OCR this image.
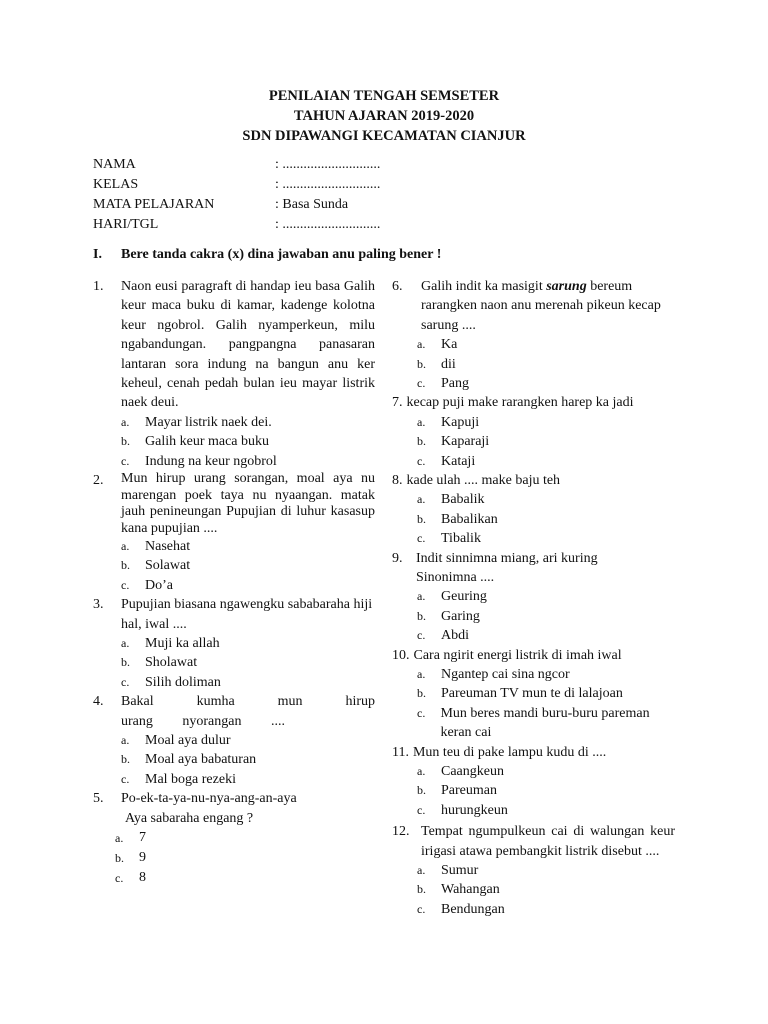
PENILAIAN TENGAH SEMSETER
TAHUN AJARAN 2019-2020
SDN DIPAWANGI KECAMATAN CIANJUR
NAMA	: ............................
KELAS	: ............................
MATA PELAJARAN	: Basa Sunda
HARI/TGL	: ............................
I.	Bere tanda cakra (x) dina jawaban anu paling bener !
1.	Naon eusi paragraft di handap ieu basa Galih keur maca buku di kamar, kadenge kolotna keur ngobrol. Galih nyamperkeun, milu ngabandungan. pangpangna panasaran lantaran sora indung na bangun anu ker keheul, cenah pedah bulan ieu mayar listrik naek deui.
a.	Mayar listrik naek dei.
b.	Galih keur maca buku
c.	Indung na keur ngobrol
2.	Mun hirup urang sorangan, moal aya nu marengan poek taya nu nyaangan. matak jauh penineungan Pupujian di luhur kasasup kana pupujian ....
a.	Nasehat
b.	Solawat
c.	Do’a
3.	Pupujian biasana ngawengku sababaraha hiji hal, iwal ....
a.	Muji ka allah
b.	Sholawat
c.	Silih doliman
4.	Bakal kumha mun hirup urang nyorangan ....
a.	Moal aya dulur
b.	Moal aya babaturan
c.	Mal boga rezeki
5.	Po-ek-ta-ya-nu-nya-ang-an-aya
Aya sabaraha engang ?
a.	7
b.	9
c.	8
6.	Galih indit ka masigit sarung bereum rarangken naon anu merenah pikeun kecap sarung ....
a.	Ka
b.	dii
c.	Pang
7. kecap puji make rarangken harep ka jadi
a.	Kapuji
b.	Kaparaji
c.	Kataji
8. kade ulah .... make baju teh
a.	Babalik
b.	Babalikan
c.	Tibalik
9. Indit sinnimna miang, ari kuring Sinonimna ....
a.	Geuring
b.	Garing
c.	Abdi
10. Cara ngirit energi listrik di imah iwal
a.	Ngantep cai sina ngcor
b.	Pareuman TV mun te di lalajoan
c.	Mun beres mandi buru-buru pareman keran cai
11. Mun teu di pake lampu kudu di ....
a.	Caangkeun
b.	Pareuman
c.	hurungkeun
12. Tempat ngumpulkeun cai di walungan keur irigasi atawa pembangkit listrik disebut ....
a.	Sumur
b.	Wahangan
c.	Bendungan
